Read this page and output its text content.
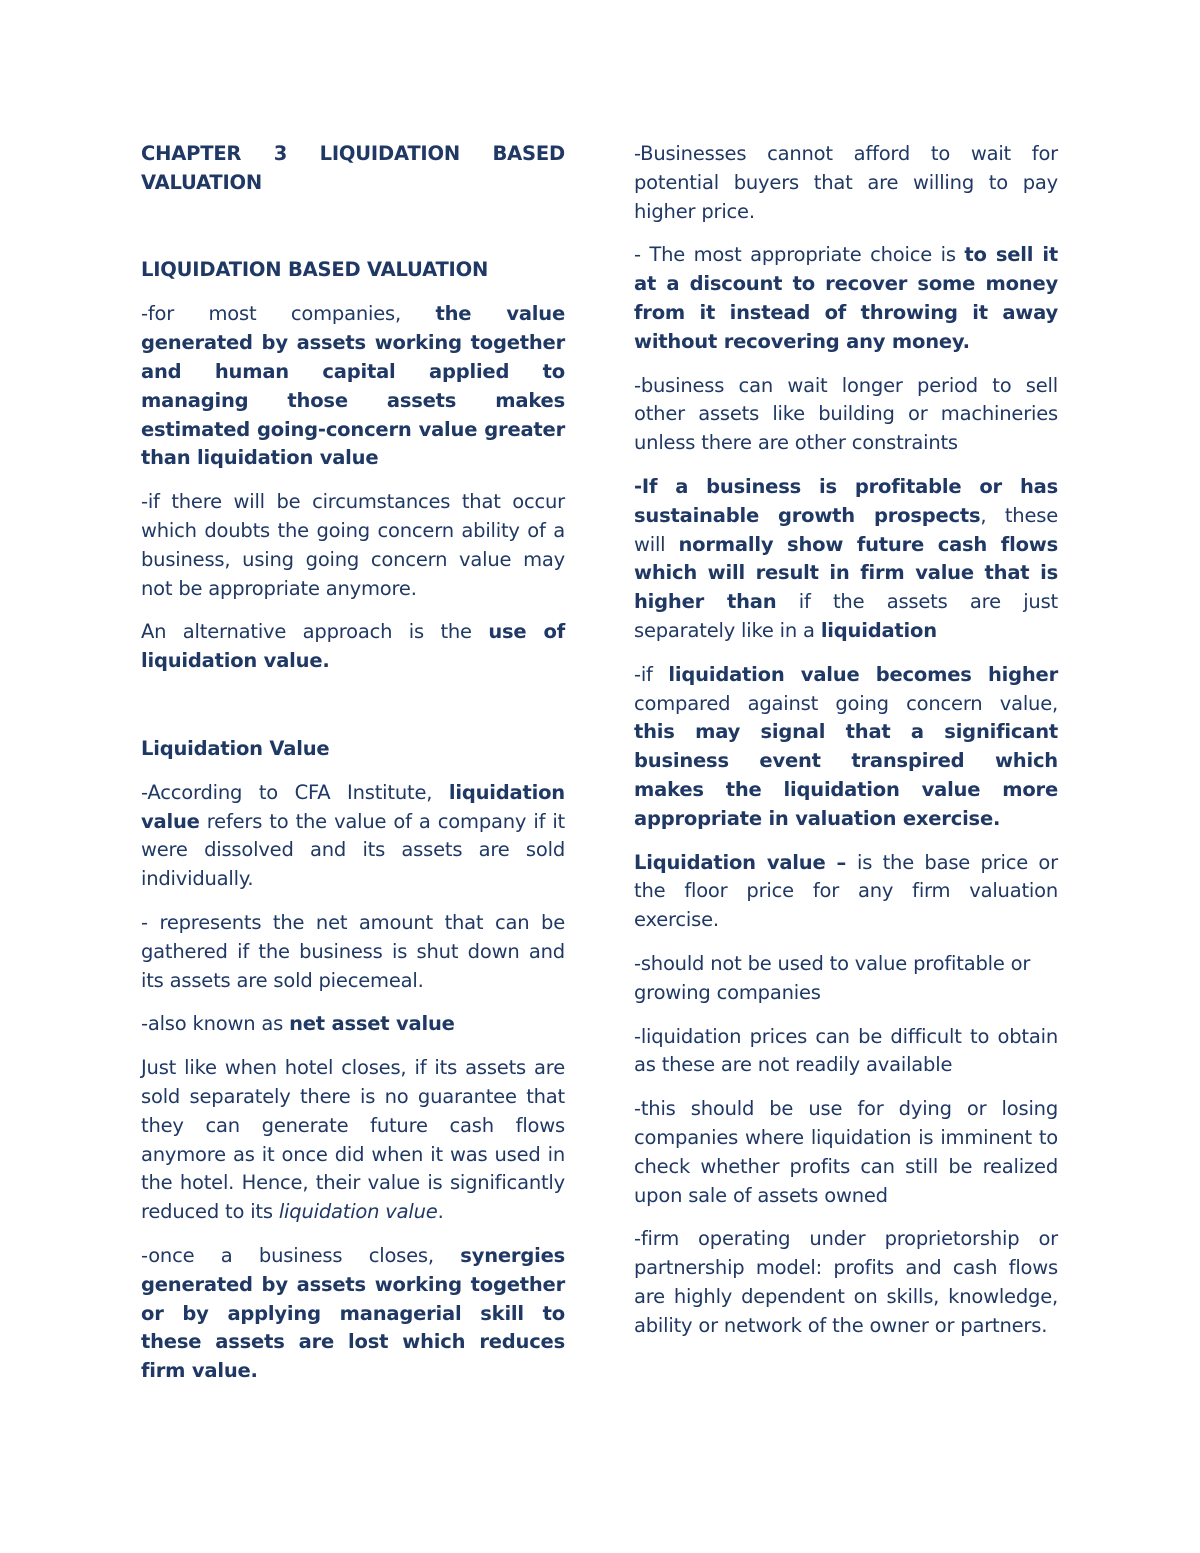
CHAPTER 3 LIQUIDATION BASED
VALUATION

LIQUIDATION BASED VALUATION

-for most companies, the value generated by assets working together and human capital applied to managing those assets makes estimated going-concern value greater than liquidation value

-if there will be circumstances that occur which doubts the going concern ability of a business, using going concern value may not be appropriate anymore.

An alternative approach is the use of liquidation value.

Liquidation Value

-According to CFA Institute, liquidation value refers to the value of a company if it were dissolved and its assets are sold individually.

- represents the net amount that can be gathered if the business is shut down and its assets are sold piecemeal.

-also known as net asset value

Just like when hotel closes, if its assets are sold separately there is no guarantee that they can generate future cash flows anymore as it once did when it was used in the hotel. Hence, their value is significantly reduced to its liquidation value.

-once a business closes, synergies generated by assets working together or by applying managerial skill to these assets are lost which reduces firm value.

-Businesses cannot afford to wait for potential buyers that are willing to pay higher price.

- The most appropriate choice is to sell it at a discount to recover some money from it instead of throwing it away without recovering any money.

-business can wait longer period to sell other assets like building or machineries unless there are other constraints

-If a business is profitable or has sustainable growth prospects, these will normally show future cash flows which will result in firm value that is higher than if the assets are just separately like in a liquidation

-if liquidation value becomes higher compared against going concern value, this may signal that a significant business event transpired which makes the liquidation value more appropriate in valuation exercise.

Liquidation value – is the base price or the floor price for any firm valuation exercise.

-should not be used to value profitable or growing companies

-liquidation prices can be difficult to obtain as these are not readily available

-this should be use for dying or losing companies where liquidation is imminent to check whether profits can still be realized upon sale of assets owned

-firm operating under proprietorship or partnership model: profits and cash flows are highly dependent on skills, knowledge, ability or network of the owner or partners.
